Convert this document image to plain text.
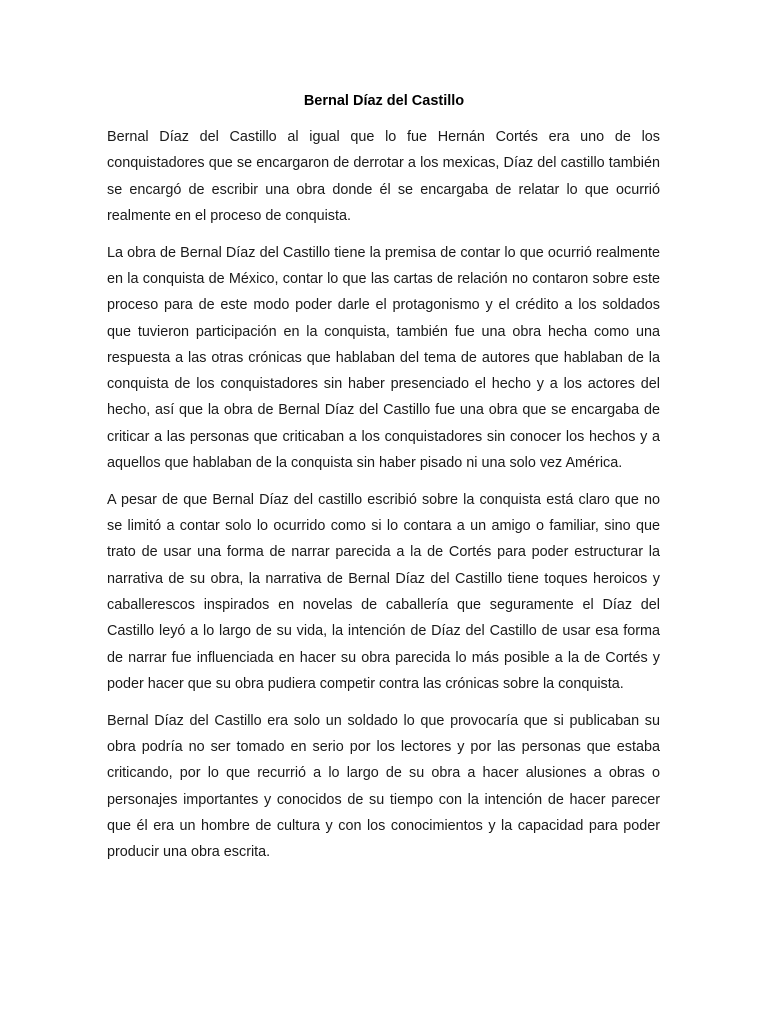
Bernal Díaz del Castillo

Bernal Díaz del Castillo al igual que lo fue Hernán Cortés era uno de los conquistadores que se encargaron de derrotar a los mexicas, Díaz del castillo también se encargó de escribir una obra donde él se encargaba de relatar lo que ocurrió realmente en el proceso de conquista.

La obra de Bernal Díaz del Castillo tiene la premisa de contar lo que ocurrió realmente en la conquista de México, contar lo que las cartas de relación no contaron sobre este proceso para de este modo poder darle el protagonismo y el crédito a los soldados que tuvieron participación en la conquista, también fue una obra hecha como una respuesta a las otras crónicas que hablaban del tema de autores que hablaban de la conquista de los conquistadores sin haber presenciado el hecho y a los actores del hecho, así que la obra de Bernal Díaz del Castillo fue una obra que se encargaba de criticar a las personas que criticaban a los conquistadores sin conocer los hechos y a aquellos que hablaban de la conquista sin haber pisado ni una solo vez América.

A pesar de que Bernal Díaz del castillo escribió sobre la conquista está claro que no se limitó a contar solo lo ocurrido como si lo contara a un amigo o familiar, sino que trato de usar una forma de narrar parecida a la de Cortés para poder estructurar la narrativa de su obra, la narrativa de Bernal Díaz del Castillo tiene toques heroicos y caballerescos inspirados en novelas de caballería que seguramente el Díaz del Castillo leyó a lo largo de su vida, la intención de Díaz del Castillo de usar esa forma de narrar fue influenciada en hacer su obra parecida lo más posible a la de Cortés y poder hacer que su obra pudiera competir contra las crónicas sobre la conquista.

Bernal Díaz del Castillo era solo un soldado lo que provocaría que si publicaban su obra podría no ser tomado en serio por los lectores y por las personas que estaba criticando, por lo que recurrió a lo largo de su obra a hacer alusiones a obras o personajes importantes y conocidos de su tiempo con la intención de hacer parecer que él era un hombre de cultura y con los conocimientos y la capacidad para poder producir una obra escrita.
